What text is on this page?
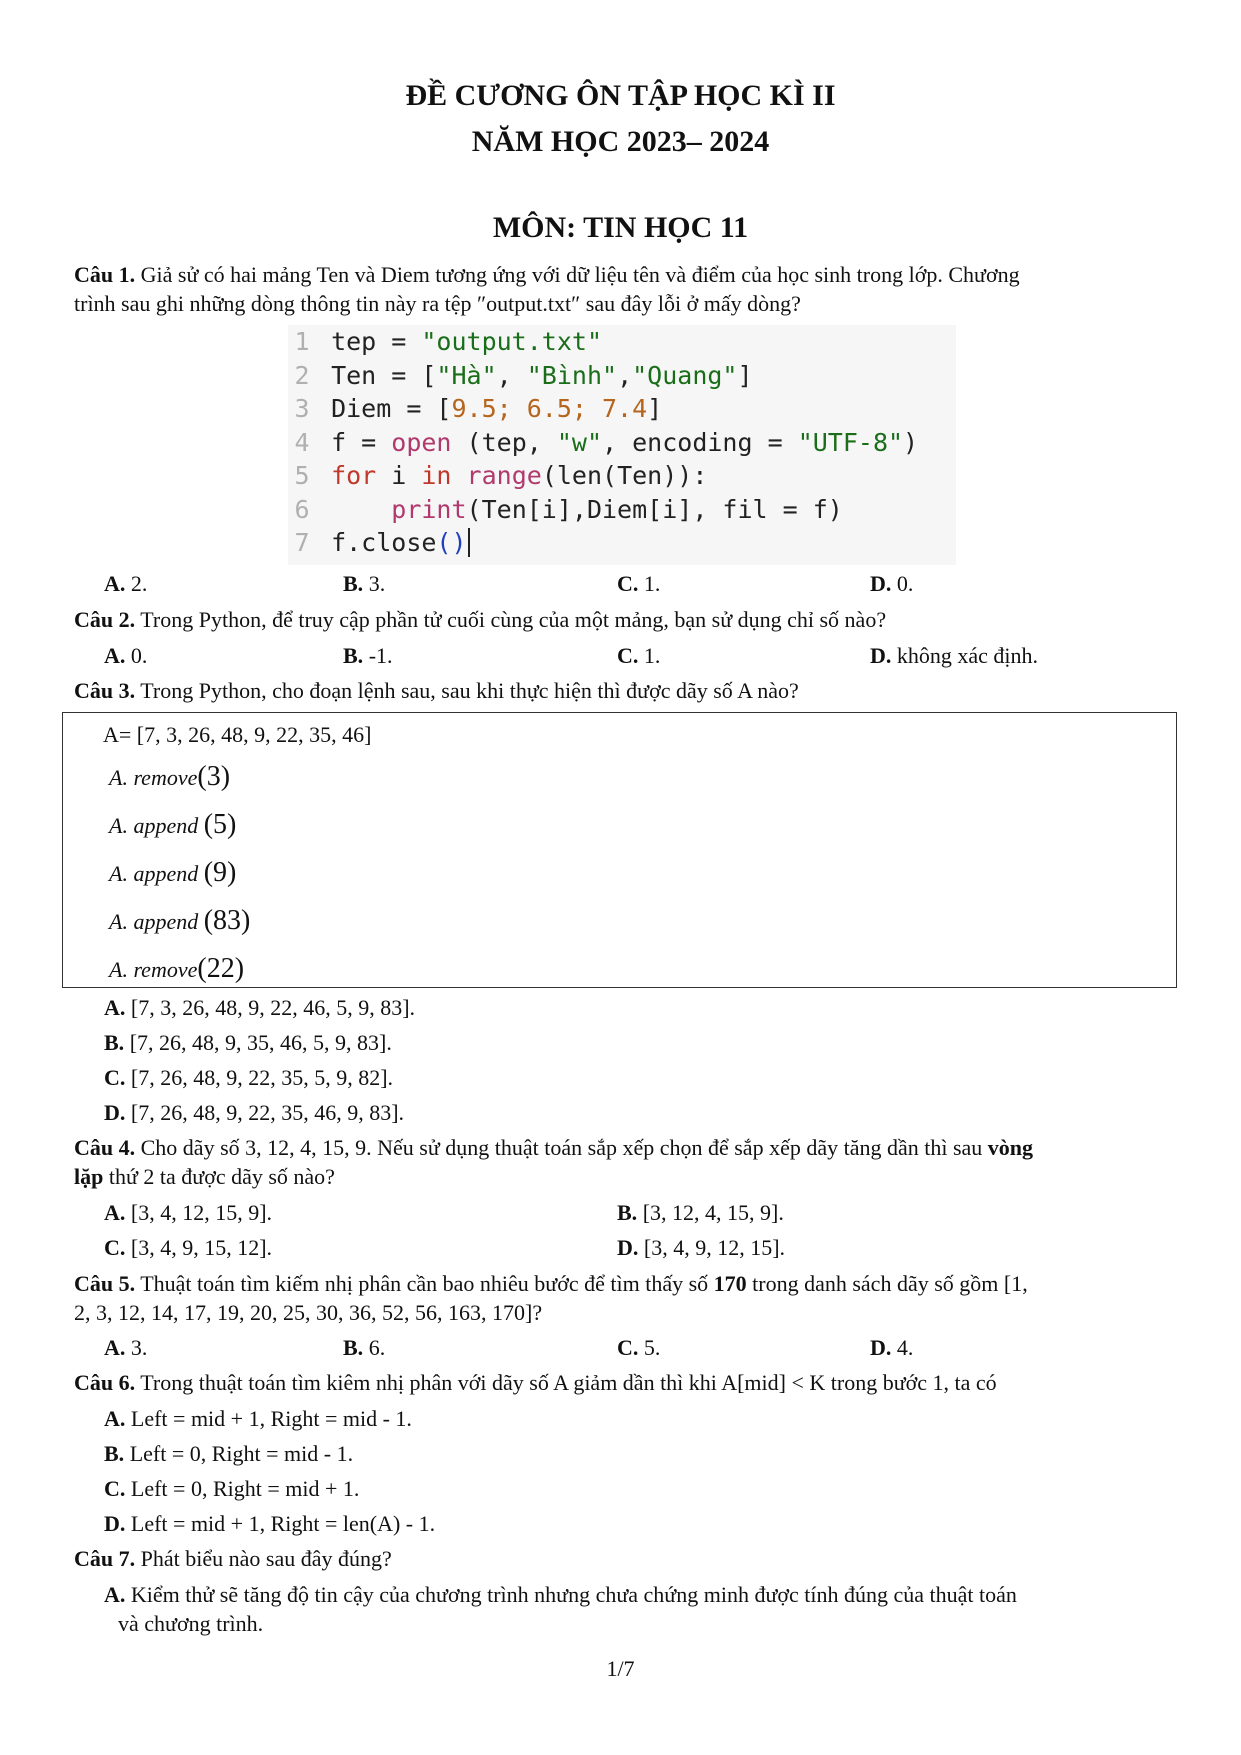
ĐỀ CƯƠNG ÔN TẬP HỌC KÌ II
NĂM HỌC 2023– 2024
MÔN: TIN HỌC 11
Câu 1. Giả sử có hai mảng Ten và Diem tương ứng với dữ liệu tên và điểm của học sinh trong lớp. Chương
trình sau ghi những dòng thông tin này ra tệp ″output.txt″ sau đây lỗi ở mấy dòng?
1 tep = "output.txt"
2 Ten = ["Hà", "Bình","Quang"]
3 Diem = [9.5; 6.5; 7.4]
4 f = open (tep, "w", encoding = "UTF-8")
5 for i in range(len(Ten)):
6	print(Ten[i],Diem[i], fil = f)
7 f.close()
A. 2.	B. 3.	C. 1.	D. 0.
Câu 2. Trong Python, để truy cập phần tử cuối cùng của một mảng, bạn sử dụng chỉ số nào?
A. 0.	B. -1.	C. 1.	D. không xác định.
Câu 3. Trong Python, cho đoạn lệnh sau, sau khi thực hiện thì được dãy số A nào?
A= [7, 3, 26, 48, 9, 22, 35, 46]
A. remove(3)
A. append (5)
A. append (9)
A. append (83)
A. remove(22)
A. [7, 3, 26, 48, 9, 22, 46, 5, 9, 83].
B. [7, 26, 48, 9, 35, 46, 5, 9, 83].
C. [7, 26, 48, 9, 22, 35, 5, 9, 82].
D. [7, 26, 48, 9, 22, 35, 46, 9, 83].
Câu 4. Cho dãy số 3, 12, 4, 15, 9. Nếu sử dụng thuật toán sắp xếp chọn để sắp xếp dãy tăng dần thì sau vòng
lặp thứ 2 ta được dãy số nào?
A. [3, 4, 12, 15, 9].	B. [3, 12, 4, 15, 9].
C. [3, 4, 9, 15, 12].	D. [3, 4, 9, 12, 15].
Câu 5. Thuật toán tìm kiếm nhị phân cần bao nhiêu bước để tìm thấy số 170 trong danh sách dãy số gồm [1,
2, 3, 12, 14, 17, 19, 20, 25, 30, 36, 52, 56, 163, 170]?
A. 3.	B. 6.	C. 5.	D. 4.
Câu 6. Trong thuật toán tìm kiêm nhị phân với dãy số A giảm dần thì khi A[mid] < K trong bước 1, ta có
A. Left = mid + 1, Right = mid - 1.
B. Left = 0, Right = mid - 1.
C. Left = 0, Right = mid + 1.
D. Left = mid + 1, Right = len(A) - 1.
Câu 7. Phát biểu nào sau đây đúng?
A. Kiểm thử sẽ tăng độ tin cậy của chương trình nhưng chưa chứng minh được tính đúng của thuật toán
và chương trình.
1/7
